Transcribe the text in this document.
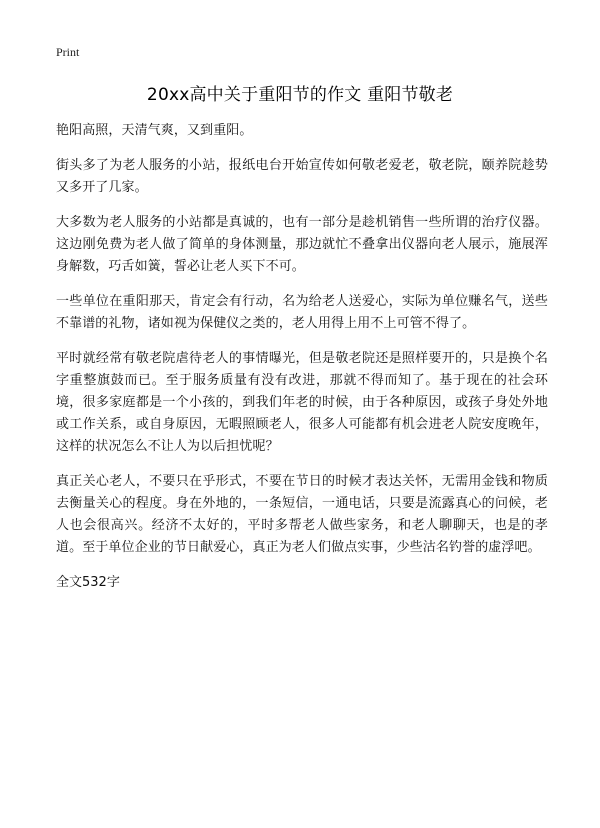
Print
20xx高中关于重阳节的作文 重阳节敬老

艳阳高照，天清气爽，又到重阳。

街头多了为老人服务的小站，报纸电台开始宣传如何敬老爱老，敬老院，颐养院趁势又多开了几家。

大多数为老人服务的小站都是真诚的，也有一部分是趁机销售一些所谓的治疗仪器。这边刚免费为老人做了简单的身体测量，那边就忙不叠拿出仪器向老人展示，施展浑身解数，巧舌如簧，誓必让老人买下不可。

一些单位在重阳那天，肯定会有行动，名为给老人送爱心，实际为单位赚名气，送些不靠谱的礼物，诸如视为保健仪之类的，老人用得上用不上可管不得了。

平时就经常有敬老院虐待老人的事情曝光，但是敬老院还是照样要开的，只是换个名字重整旗鼓而已。至于服务质量有没有改进，那就不得而知了。基于现在的社会环境，很多家庭都是一个小孩的，到我们年老的时候，由于各种原因，或孩子身处外地或工作关系，或自身原因，无暇照顾老人，很多人可能都有机会进老人院安度晚年，这样的状况怎么不让人为以后担忧呢？

真正关心老人，不要只在乎形式，不要在节日的时候才表达关怀，无需用金钱和物质去衡量关心的程度。身在外地的，一条短信，一通电话，只要是流露真心的问候，老人也会很高兴。经济不太好的，平时多帮老人做些家务，和老人聊聊天，也是的孝道。至于单位企业的节日献爱心，真正为老人们做点实事，少些沽名钓誉的虚浮吧。

全文532字
